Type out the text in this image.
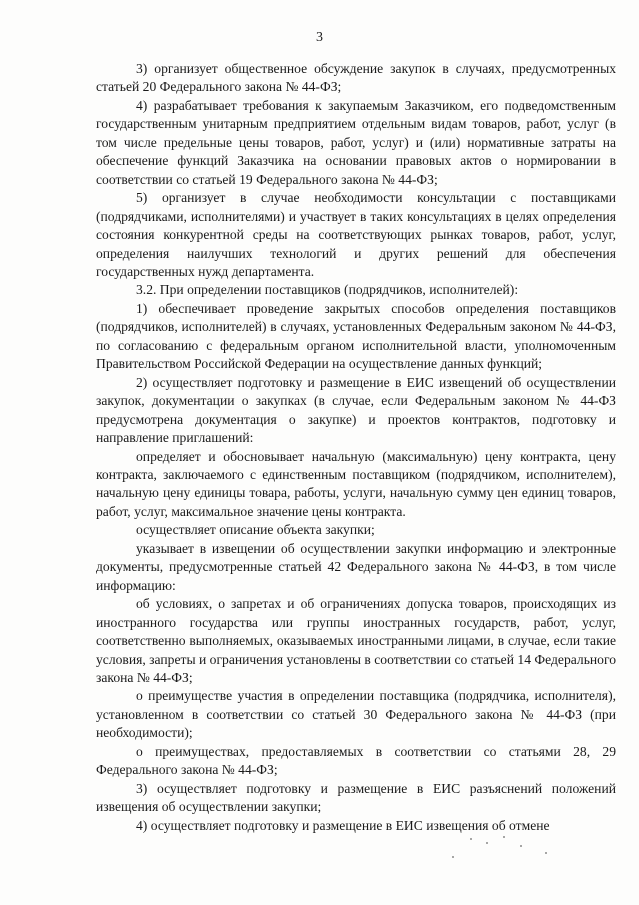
3

3) организует общественное обсуждение закупок в случаях, предусмотренных статьей 20 Федерального закона № 44-ФЗ;

4) разрабатывает требования к закупаемым Заказчиком, его подведомственным государственным унитарным предприятием отдельным видам товаров, работ, услуг (в том числе предельные цены товаров, работ, услуг) и (или) нормативные затраты на обеспечение функций Заказчика на основании правовых актов о нормировании в соответствии со статьей 19 Федерального закона № 44-ФЗ;

5) организует в случае необходимости консультации с поставщиками (подрядчиками, исполнителями) и участвует в таких консультациях в целях определения состояния конкурентной среды на соответствующих рынках товаров, работ, услуг, определения наилучших технологий и других решений для обеспечения государственных нужд департамента.

3.2. При определении поставщиков (подрядчиков, исполнителей):

1) обеспечивает проведение закрытых способов определения поставщиков (подрядчиков, исполнителей) в случаях, установленных Федеральным законом № 44-ФЗ, по согласованию с федеральным органом исполнительной власти, уполномоченным Правительством Российской Федерации на осуществление данных функций;

2) осуществляет подготовку и размещение в ЕИС извещений об осуществлении закупок, документации о закупках (в случае, если Федеральным законом № 44-ФЗ предусмотрена документация о закупке) и проектов контрактов, подготовку и направление приглашений:

определяет и обосновывает начальную (максимальную) цену контракта, цену контракта, заключаемого с единственным поставщиком (подрядчиком, исполнителем), начальную цену единицы товара, работы, услуги, начальную сумму цен единиц товаров, работ, услуг, максимальное значение цены контракта.

осуществляет описание объекта закупки;

указывает в извещении об осуществлении закупки информацию и электронные документы, предусмотренные статьей 42 Федерального закона № 44-ФЗ, в том числе информацию:

об условиях, о запретах и об ограничениях допуска товаров, происходящих из иностранного государства или группы иностранных государств, работ, услуг, соответственно выполняемых, оказываемых иностранными лицами, в случае, если такие условия, запреты и ограничения установлены в соответствии со статьей 14 Федерального закона № 44-ФЗ;

о преимуществе участия в определении поставщика (подрядчика, исполнителя), установленном в соответствии со статьей 30 Федерального закона № 44-ФЗ (при необходимости);

о преимуществах, предоставляемых в соответствии со статьями 28, 29 Федерального закона № 44-ФЗ;

3) осуществляет подготовку и размещение в ЕИС разъяснений положений извещения об осуществлении закупки;

4) осуществляет подготовку и размещение в ЕИС извещения об отмене
